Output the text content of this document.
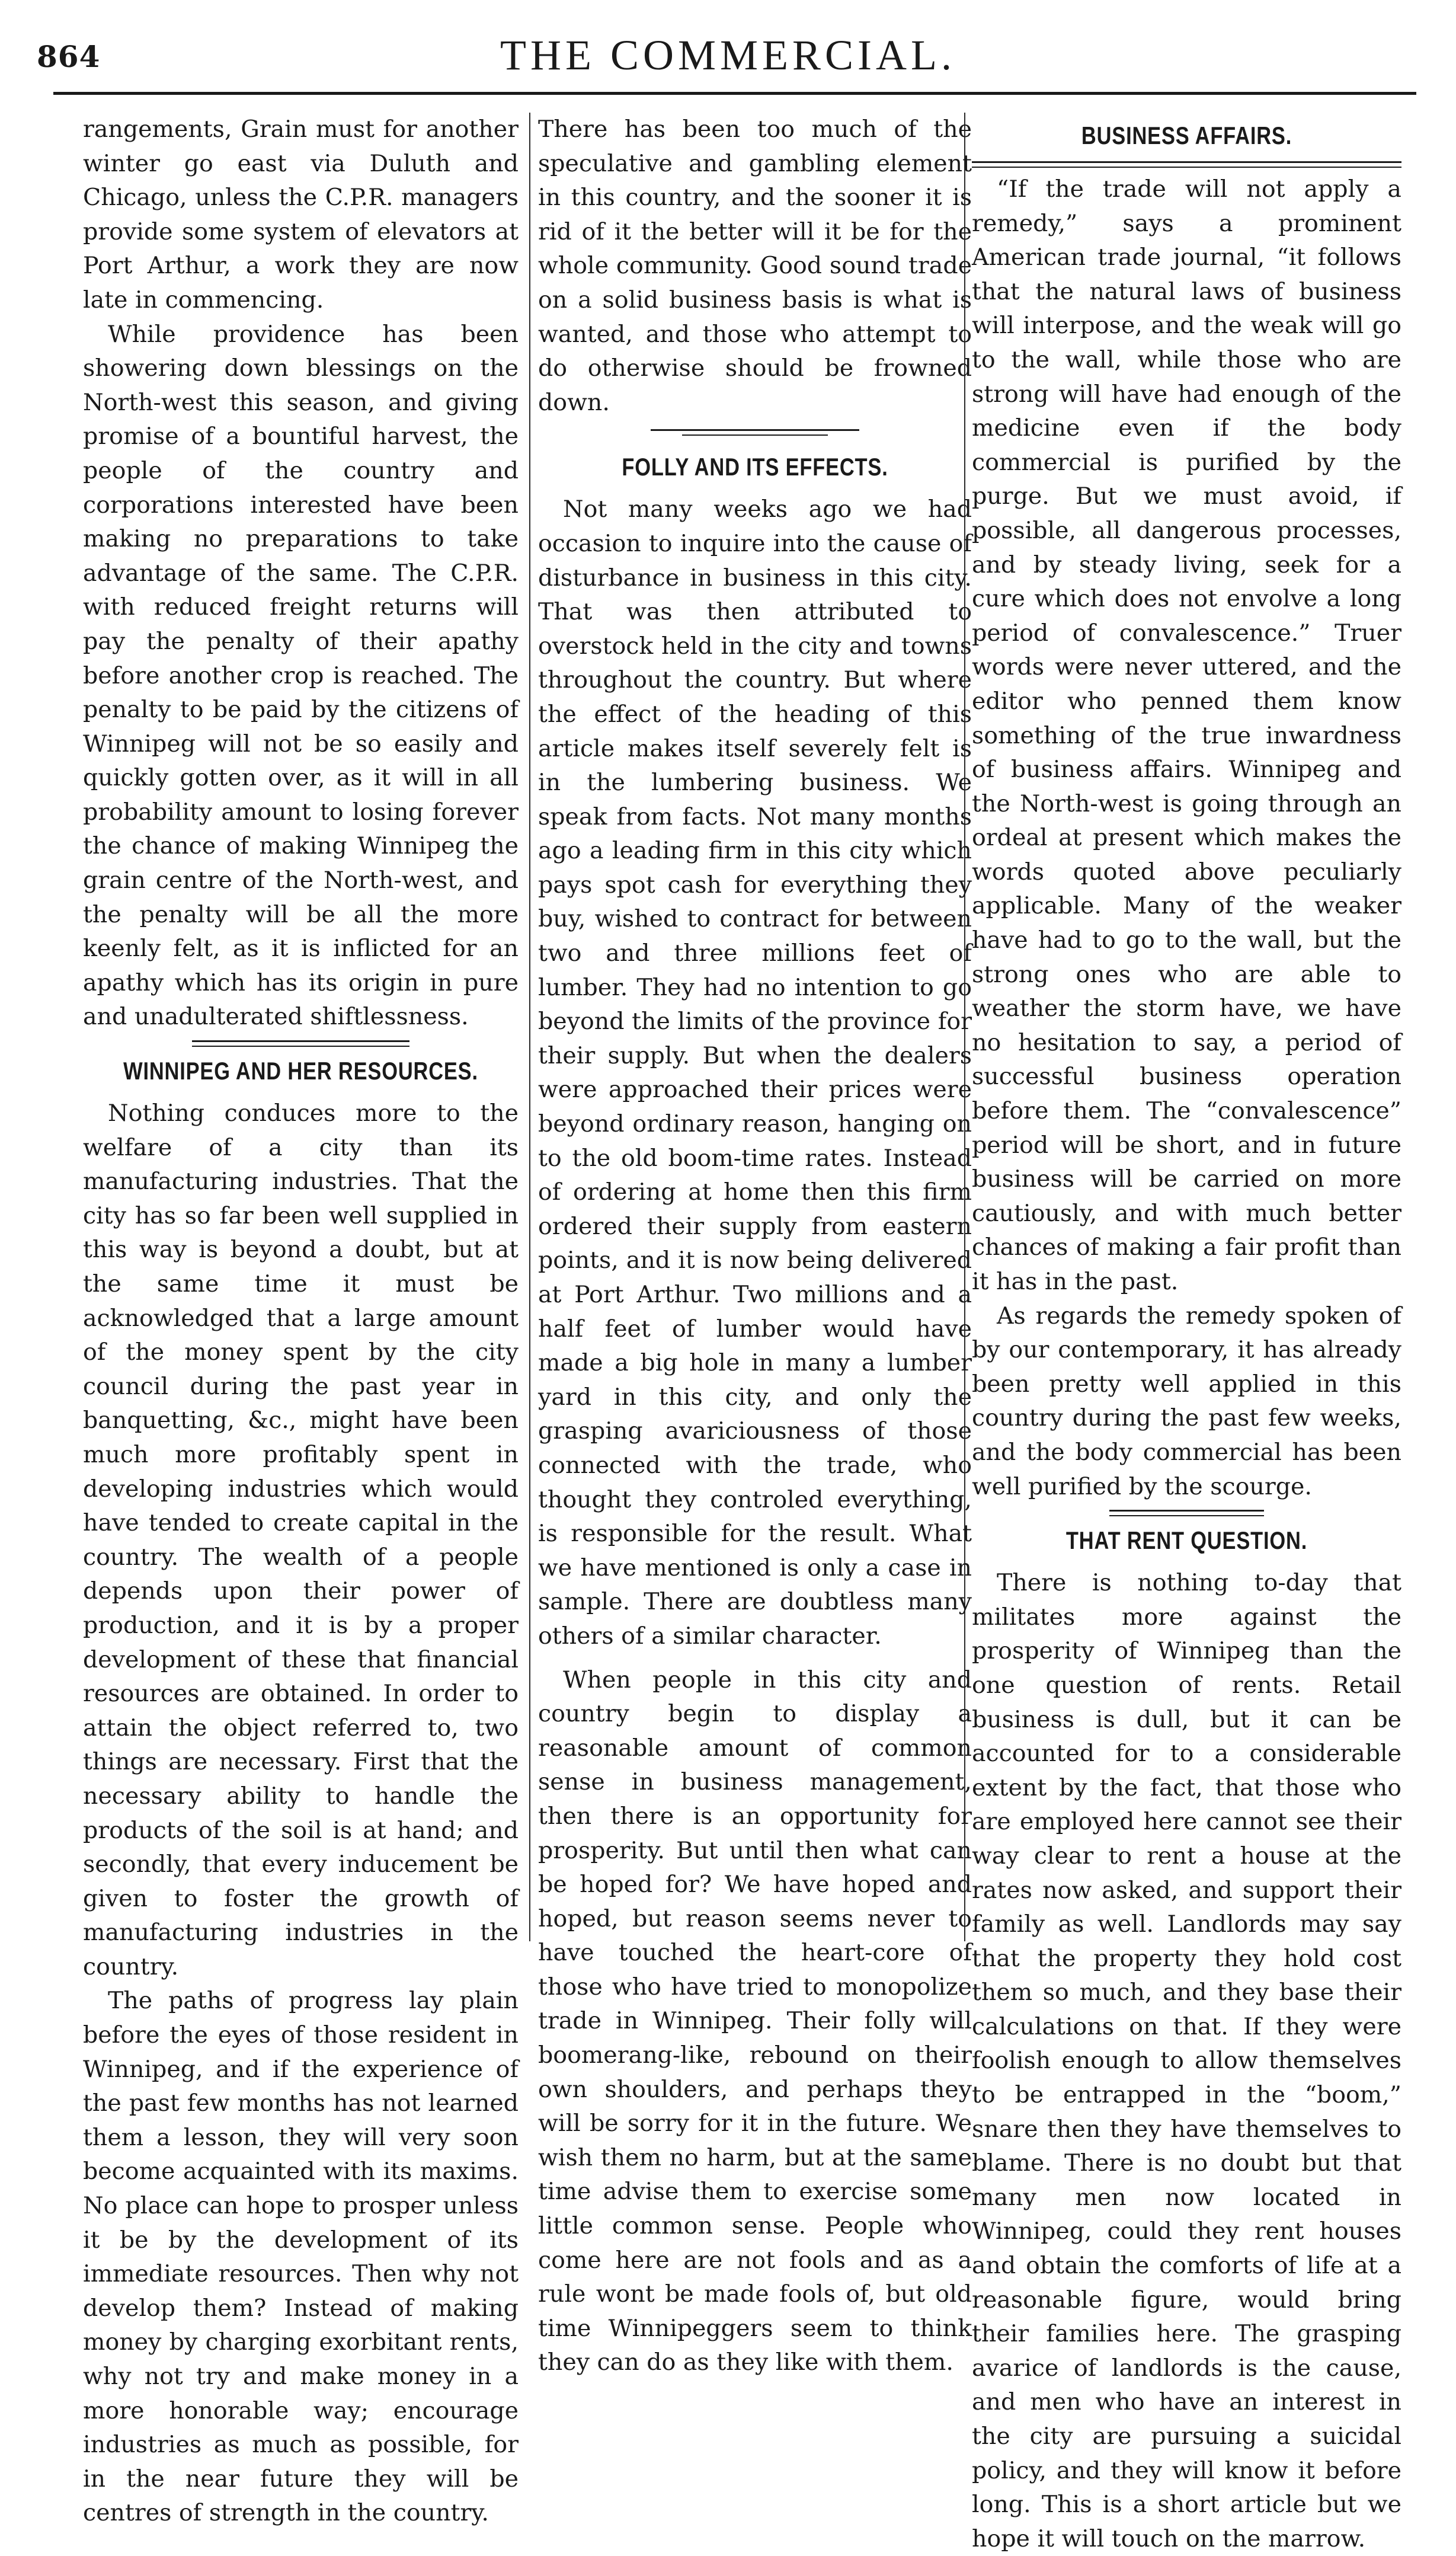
864	THE COMMERCIAL.

rangements, Grain must for another winter go east via Duluth and Chicago, unless the C.P.R. managers provide some system of elevators at Port Arthur, a work they are now late in commencing.

While providence has been showering down blessings on the North-west this season, and giving promise of a bountiful harvest, the people of the country and corporations interested have been making no preparations to take advantage of the same. The C.P.R. with reduced freight returns will pay the penalty of their apathy before another crop is reached. The penalty to be paid by the citizens of Winnipeg will not be so easily and quickly gotten over, as it will in all probability amount to losing forever the chance of making Winnipeg the grain centre of the North-west, and the penalty will be all the more keenly felt, as it is inflicted for an apathy which has its origin in pure and unadulterated shiftlessness.

WINNIPEG AND HER RESOURCES.

Nothing conduces more to the welfare of a city than its manufacturing industries. That the city has so far been well supplied in this way is beyond a doubt, but at the same time it must be acknowledged that a large amount of the money spent by the city council during the past year in banquetting, &c., might have been much more profitably spent in developing industries which would have tended to create capital in the country. The wealth of a people depends upon their power of production, and it is by a proper development of these that financial resources are obtained. In order to attain the object referred to, two things are necessary. First that the necessary ability to handle the products of the soil is at hand; and secondly, that every inducement be given to foster the growth of manufacturing industries in the country.

The paths of progress lay plain before the eyes of those resident in Winnipeg, and if the experience of the past few months has not learned them a lesson, they will very soon become acquainted with its maxims. No place can hope to prosper unless it be by the development of its immediate resources. Then why not develop them? Instead of making money by charging exorbitant rents, why not try and make money in a more honorable way; encourage industries as much as possible, for in the near future they will be centres of strength in the country.

There has been too much of the speculative and gambling element in this country, and the sooner it is rid of it the better will it be for the whole community. Good sound trade on a solid business basis is what is wanted, and those who attempt to do otherwise should be frowned down.

FOLLY AND ITS EFFECTS.

Not many weeks ago we had occasion to inquire into the cause of disturbance in business in this city. That was then attributed to overstock held in the city and towns throughout the country. But where the effect of the heading of this article makes itself severely felt is in the lumbering business. We speak from facts. Not many months ago a leading firm in this city which pays spot cash for everything they buy, wished to contract for between two and three millions feet of lumber. They had no intention to go beyond the limits of the province for their supply. But when the dealers were approached their prices were beyond ordinary reason, hanging on to the old boom-time rates. Instead of ordering at home then this firm ordered their supply from eastern points, and it is now being delivered at Port Arthur. Two millions and a half feet of lumber would have made a big hole in many a lumber yard in this city, and only the grasping avariciousness of those connected with the trade, who thought they controled everything, is responsible for the result. What we have mentioned is only a case in sample. There are doubtless many others of a similar character.

When people in this city and country begin to display a reasonable amount of common sense in business management, then there is an opportunity for prosperity. But until then what can be hoped for? We have hoped and hoped, but reason seems never to have touched the heart-core of those who have tried to monopolize trade in Winnipeg. Their folly will boomerang-like, rebound on their own shoulders, and perhaps they will be sorry for it in the future. We wish them no harm, but at the same time advise them to exercise some little common sense. People who come here are not fools and as a rule wont be made fools of, but old time Winnipeggers seem to think they can do as they like with them.

BUSINESS AFFAIRS.

“If the trade will not apply a remedy,” says a prominent American trade journal, “it follows that the natural laws of business will interpose, and the weak will go to the wall, while those who are strong will have had enough of the medicine even if the body commercial is purified by the purge. But we must avoid, if possible, all dangerous processes, and by steady living, seek for a cure which does not envolve a long period of convalescence.” Truer words were never uttered, and the editor who penned them know something of the true inwardness of business affairs. Winnipeg and the North-west is going through an ordeal at present which makes the words quoted above peculiarly applicable. Many of the weaker have had to go to the wall, but the strong ones who are able to weather the storm have, we have no hesitation to say, a period of successful business operation before them. The “convalescence” period will be short, and in future business will be carried on more cautiously, and with much better chances of making a fair profit than it has in the past.

As regards the remedy spoken of by our contemporary, it has already been pretty well applied in this country during the past few weeks, and the body commercial has been well purified by the scourge.

THAT RENT QUESTION.

There is nothing to-day that militates more against the prosperity of Winnipeg than the one question of rents. Retail business is dull, but it can be accounted for to a considerable extent by the fact, that those who are employed here cannot see their way clear to rent a house at the rates now asked, and support their family as well. Landlords may say that the property they hold cost them so much, and they base their calculations on that. If they were foolish enough to allow themselves to be entrapped in the “boom,” snare then they have themselves to blame. There is no doubt but that many men now located in Winnipeg, could they rent houses and obtain the comforts of life at a reasonable figure, would bring their families here. The grasping avarice of landlords is the cause, and men who have an interest in the city are pursuing a suicidal policy, and they will know it before long. This is a short article but we hope it will touch on the marrow.
